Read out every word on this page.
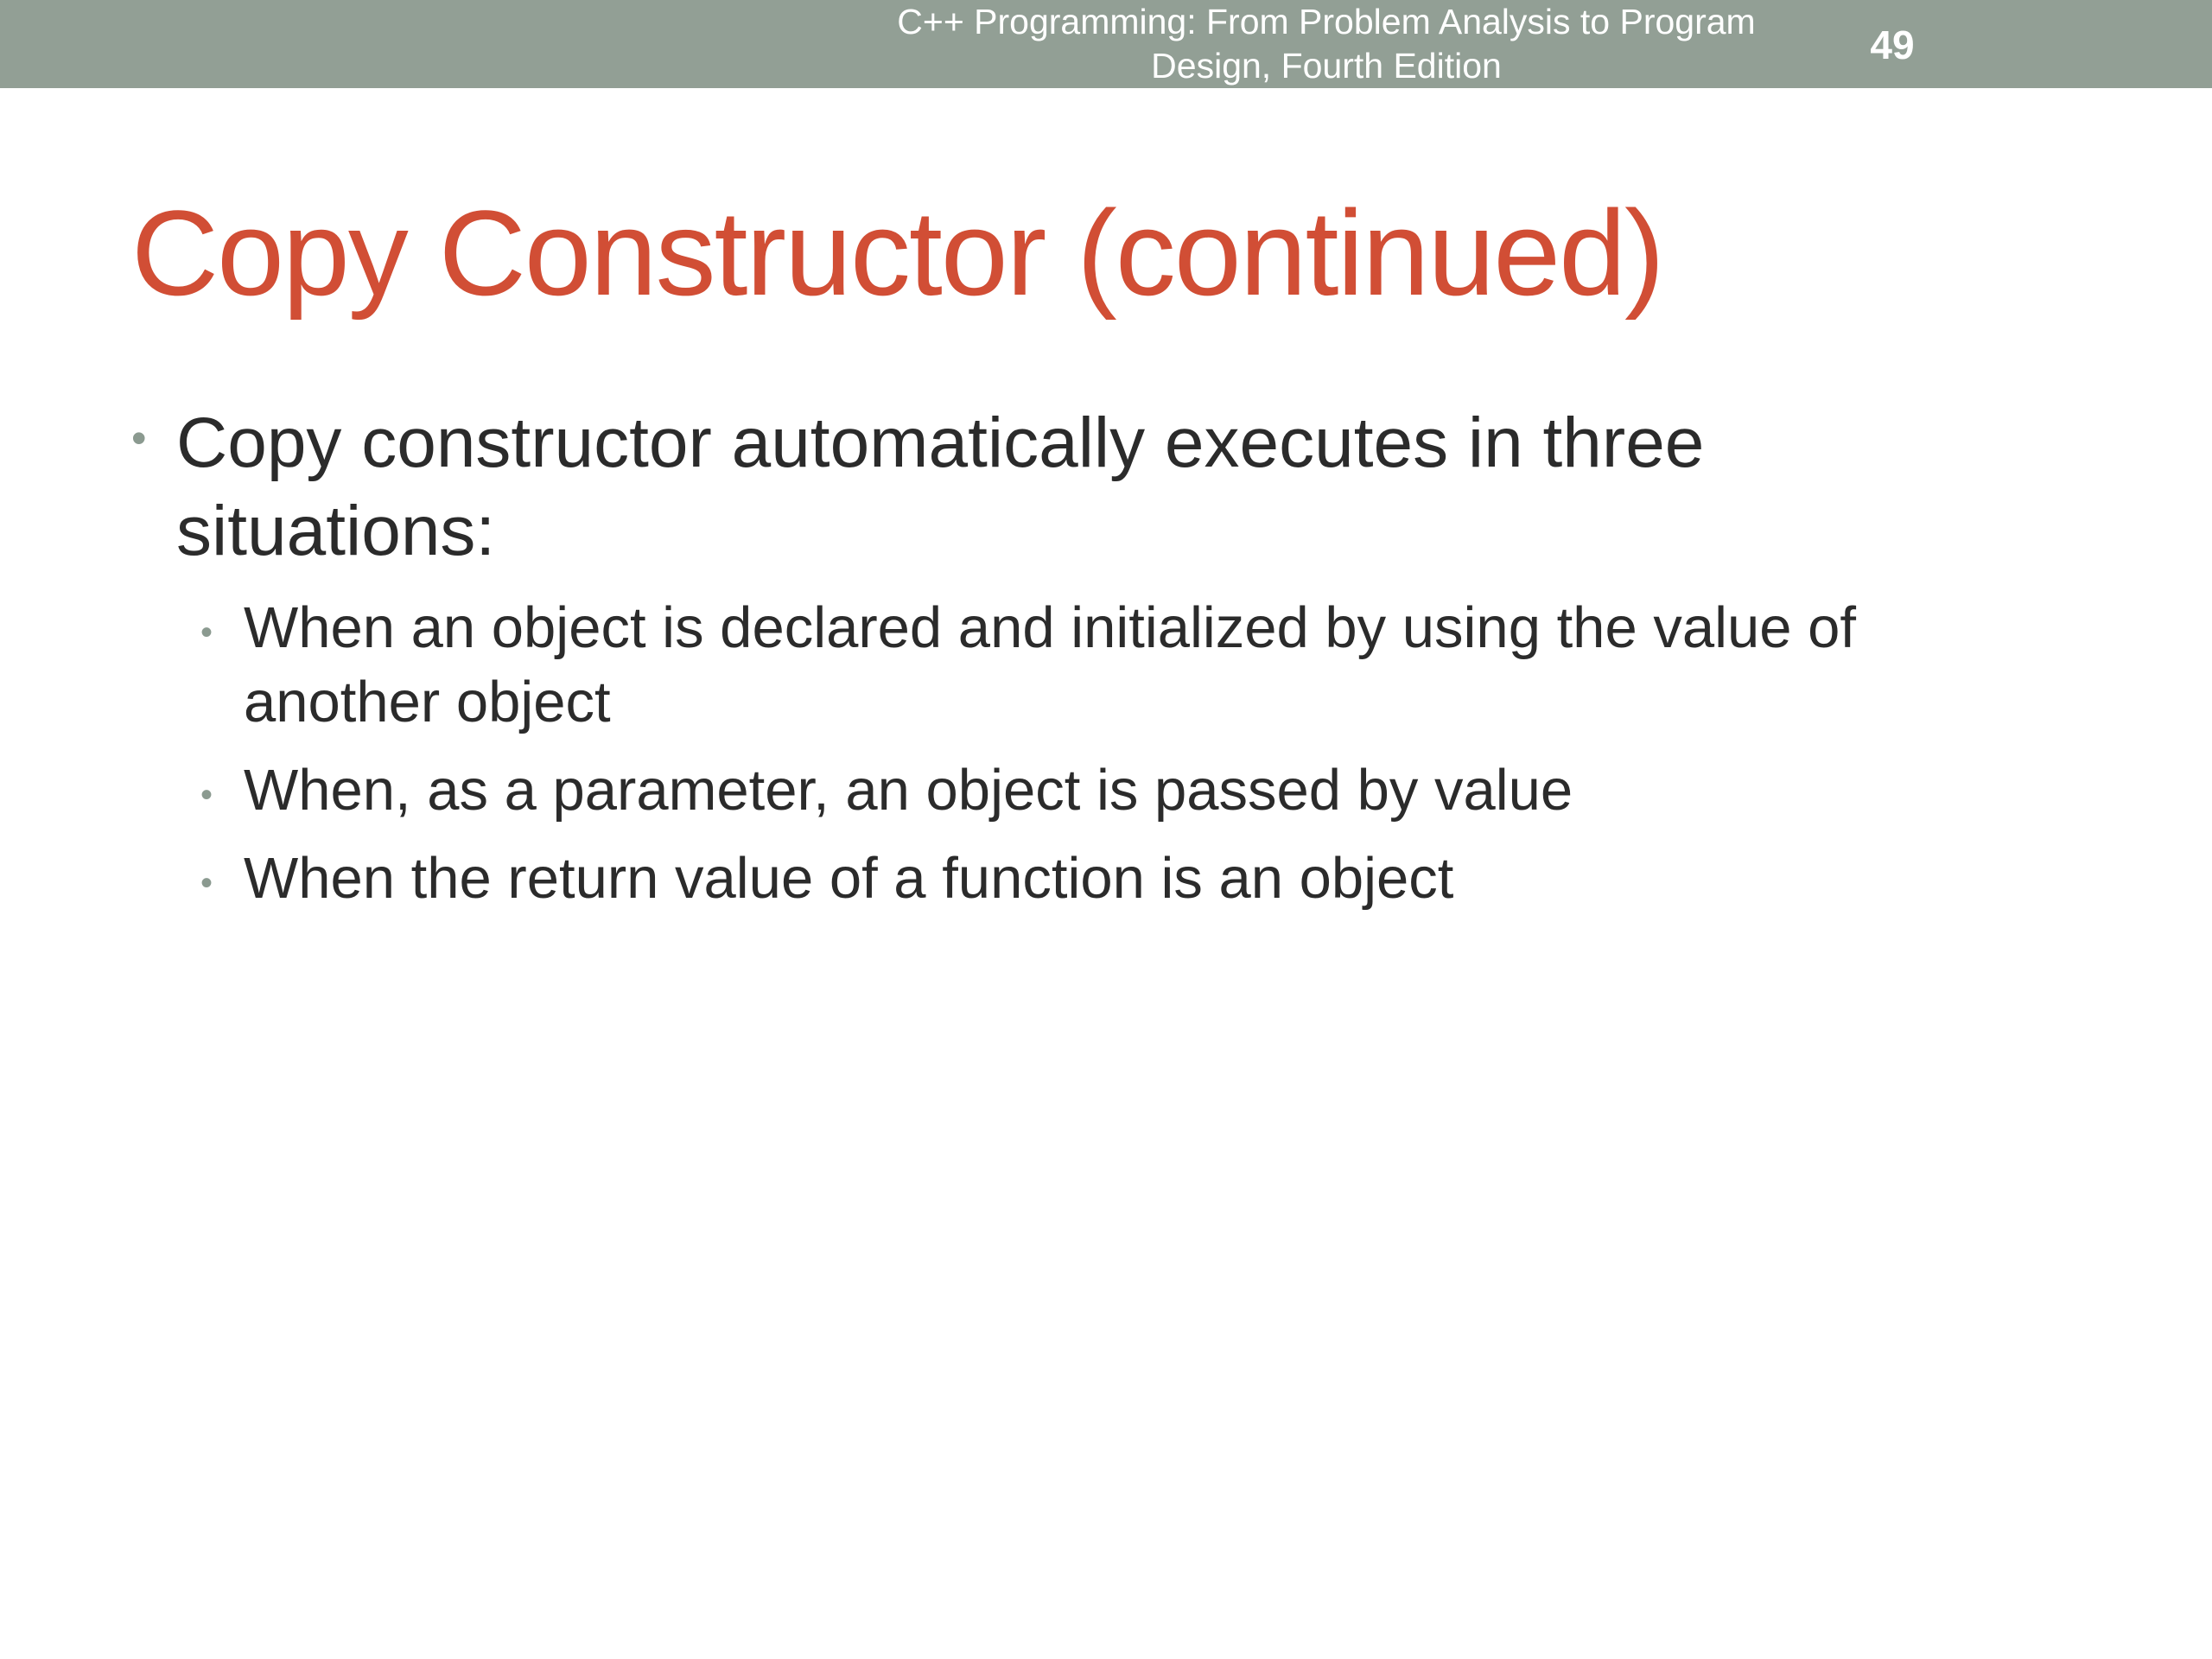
C++ Programming: From Problem Analysis to Program
Design, Fourth Edition	49
Copy Constructor (continued)
• Copy constructor automatically executes in three situations:
• When an object is declared and initialized by using the value of another object
• When, as a parameter, an object is passed by value
• When the return value of a function is an object
